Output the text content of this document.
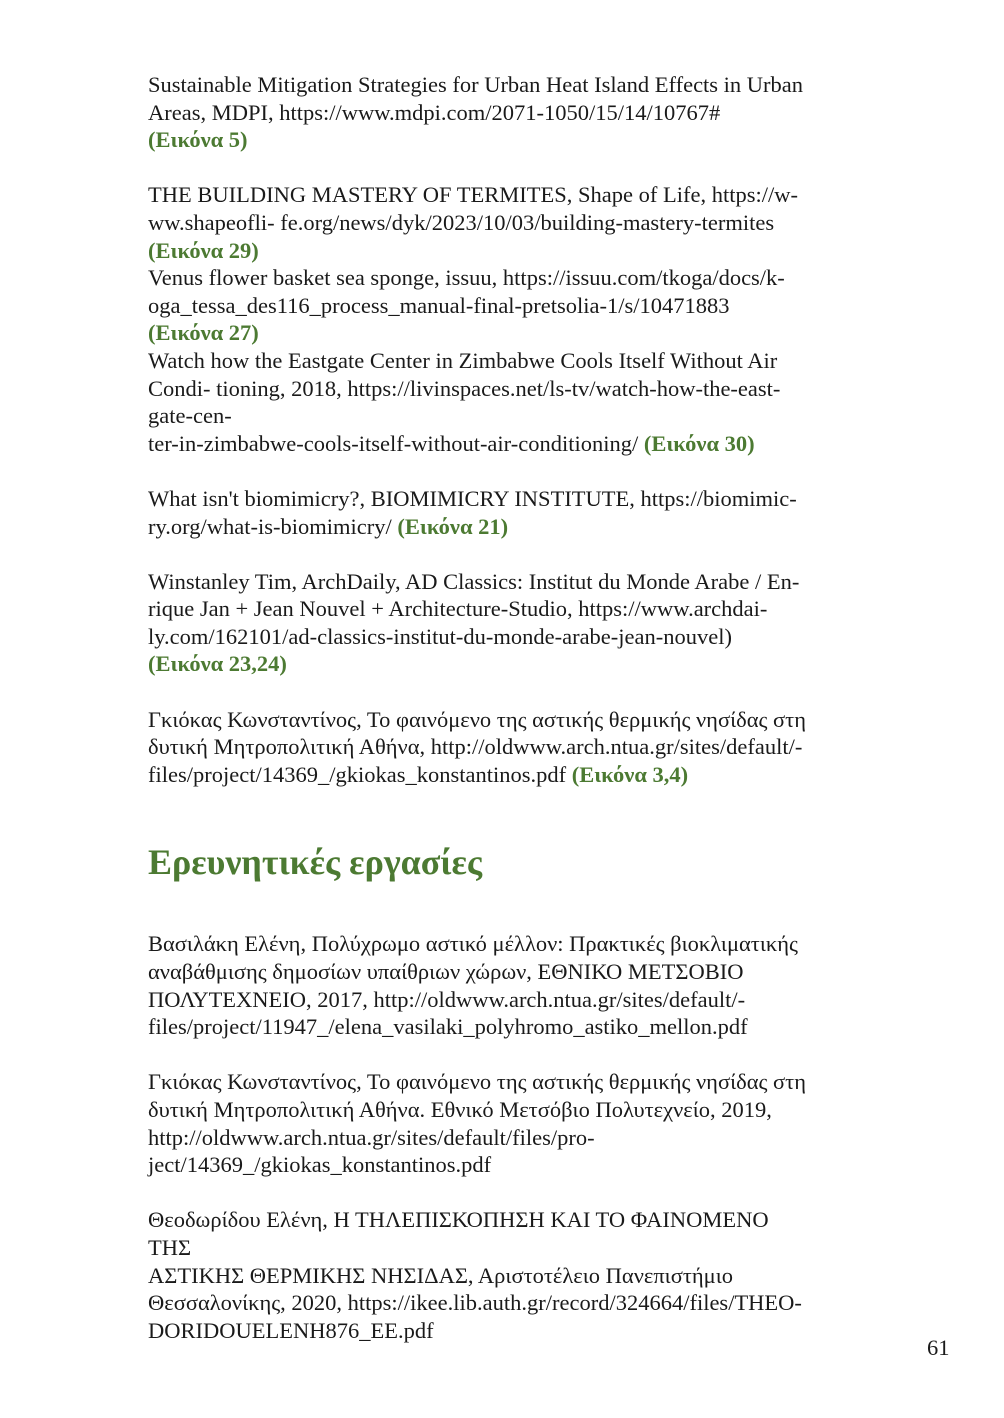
Sustainable Mitigation Strategies for Urban Heat Island Effects in Urban

Areas, MDPI, https://www.mdpi.com/2071-1050/15/14/10767#

(Εικόνα 5)

THE BUILDING MASTERY OF TERMITES, Shape of Life, https://w-

ww.shapeofli- fe.org/news/dyk/2023/10/03/building-mastery-termites

(Εικόνα 29)

Venus flower basket sea sponge, issuu, https://issuu.com/tkoga/docs/k-

oga_tessa_des116_process_manual-final-pretsolia-1/s/10471883

(Εικόνα 27)

Watch how the Eastgate Center in Zimbabwe Cools Itself Without Air

Condi- tioning, 2018, https://livinspaces.net/ls-tv/watch-how-the-east-

gate-cen-

ter-in-zimbabwe-cools-itself-without-air-conditioning/ (Εικόνα 30)

What isn't biomimicry?, BIOMIMICRY INSTITUTE, https://biomimic-

ry.org/what-is-biomimicry/ (Εικόνα 21)

Winstanley Tim, ArchDaily, AD Classics: Institut du Monde Arabe / En-

rique Jan + Jean Nouvel + Architecture-Studio, https://www.archdai-

ly.com/162101/ad-classics-institut-du-monde-arabe-jean-nouvel)

(Εικόνα 23,24)

Γκιόκας Κωνσταντίνος, Το φαινόμενο της αστικής θερμικής νησίδας στη

δυτική Μητροπολιτική Αθήνα, http://oldwww.arch.ntua.gr/sites/default/-

files/project/14369_/gkiokas_konstantinos.pdf (Εικόνα 3,4)

Ερευνητικές εργασίες

Βασιλάκη Ελένη, Πολύχρωμο αστικό μέλλον: Πρακτικές βιοκλιματικής

αναβάθμισης δημοσίων υπαίθριων χώρων, ΕΘΝΙΚΟ ΜΕΤΣΟΒΙΟ

ΠΟΛΥΤΕΧΝΕΙΟ, 2017, http://oldwww.arch.ntua.gr/sites/default/-

files/project/11947_/elena_vasilaki_polyhromo_astiko_mellon.pdf

Γκιόκας Κωνσταντίνος, Το φαινόμενο της αστικής θερμικής νησίδας στη

δυτική Μητροπολιτική Αθήνα. Εθνικό Μετσόβιο Πολυτεχνείο, 2019,

http://oldwww.arch.ntua.gr/sites/default/files/pro-

ject/14369_/gkiokas_konstantinos.pdf

Θεοδωρίδου Ελένη, Η ΤΗΛΕΠΙΣΚΟΠΗΣΗ ΚΑΙ ΤΟ ΦΑΙΝΟΜΕΝΟ

ΤΗΣ

ΑΣΤΙΚΗΣ ΘΕΡΜΙΚΗΣ ΝΗΣΙΔΑΣ, Αριστοτέλειο Πανεπιστήμιο

Θεσσαλονίκης, 2020, https://ikee.lib.auth.gr/record/324664/files/THEO-

DORIDOUELENH876_EE.pdf

61
